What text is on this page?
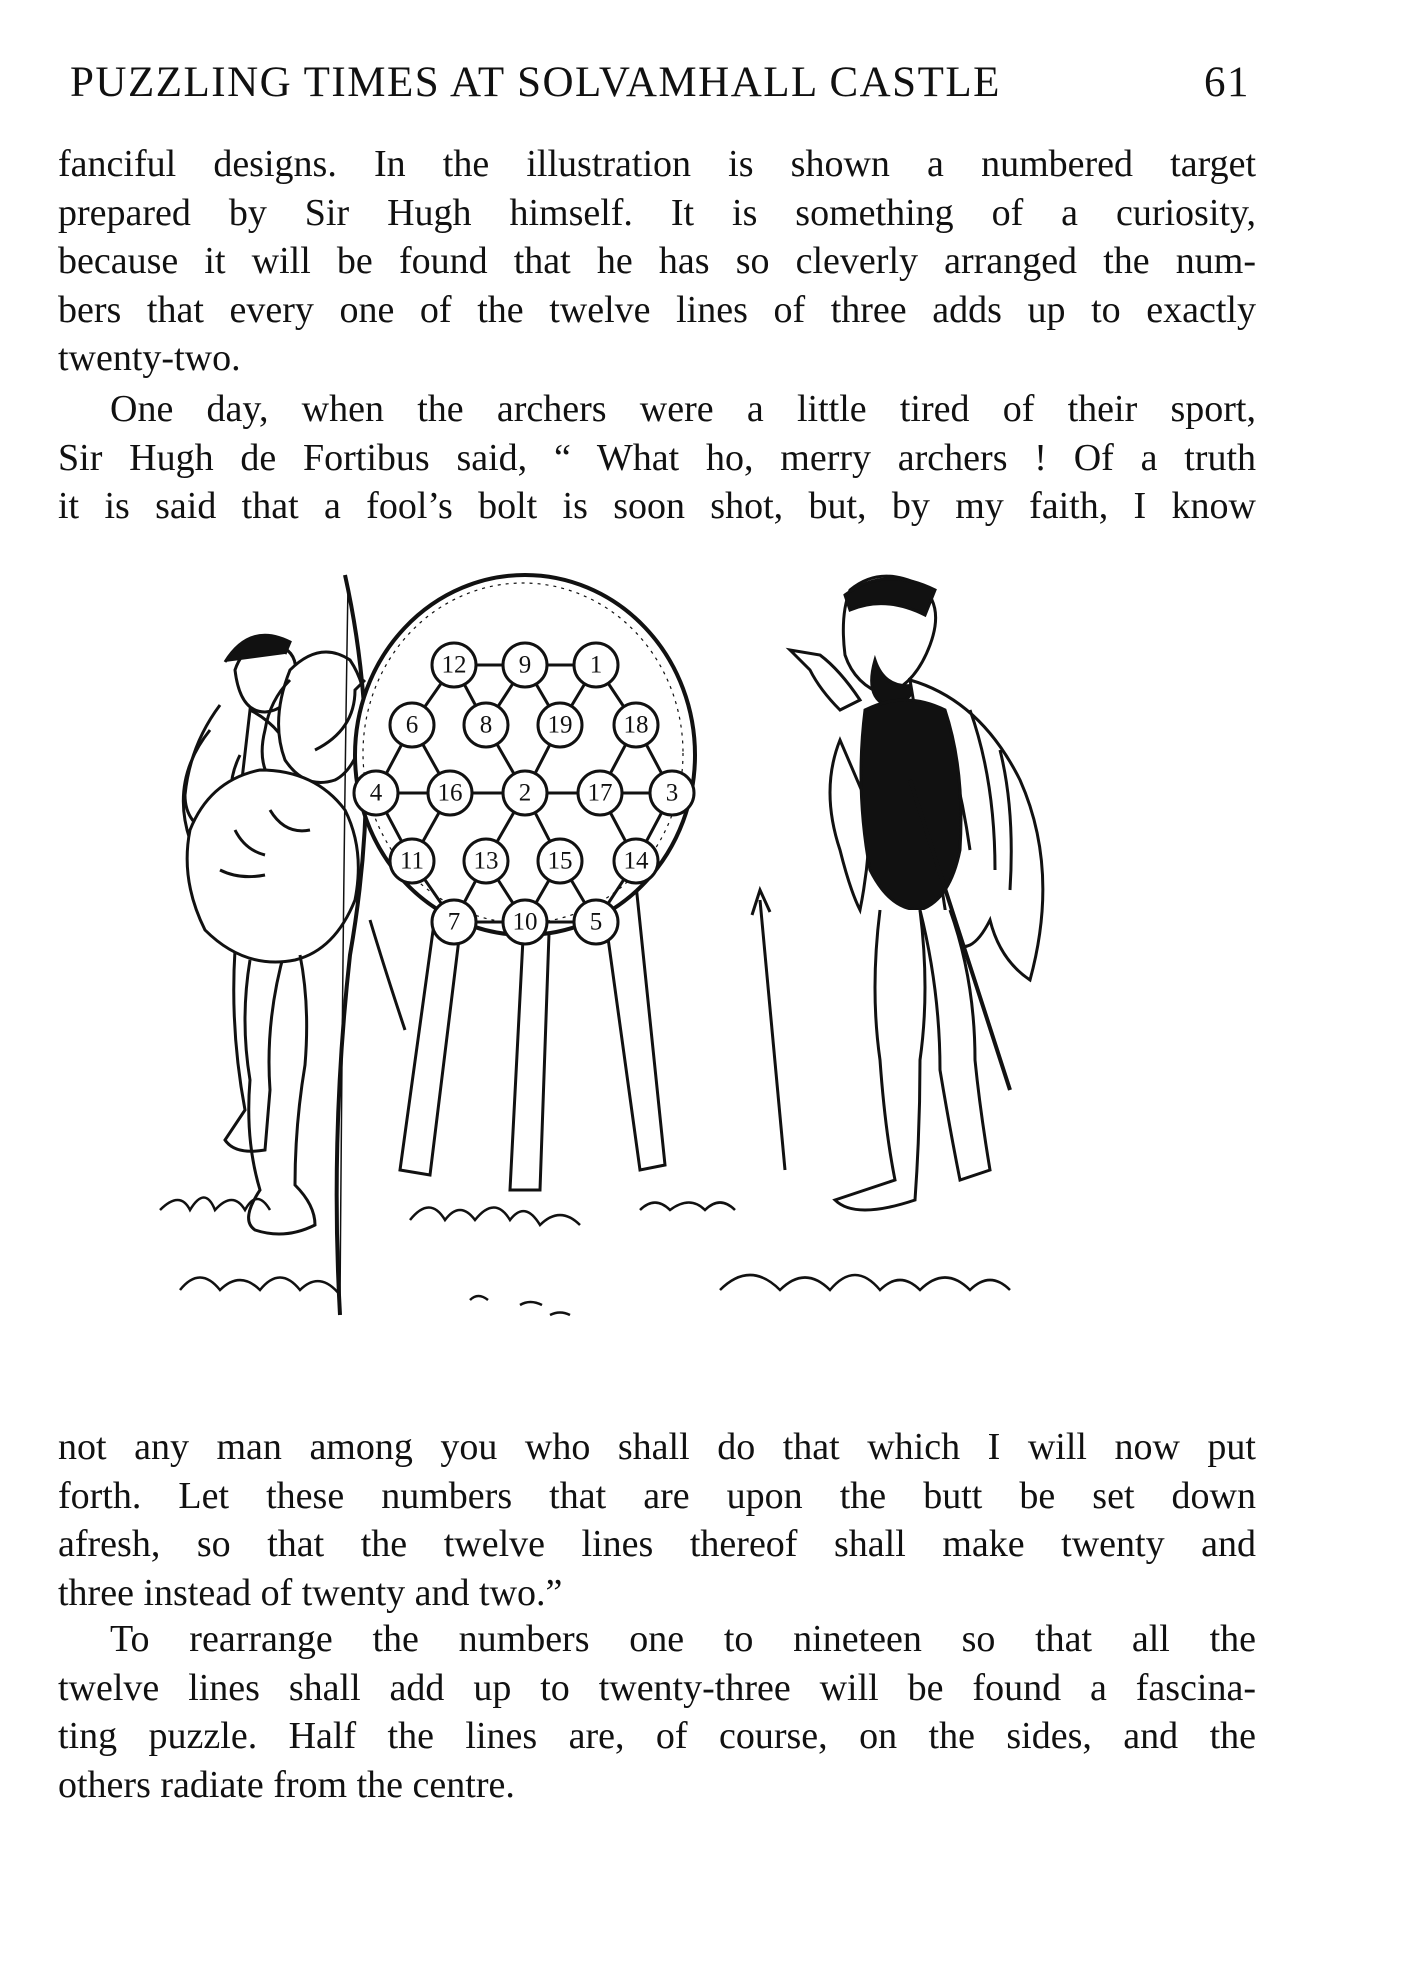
PUZZLING TIMES AT SOLVAMHALL CASTLE	61
fanciful designs. In the illustration is shown a numbered target
prepared by Sir Hugh himself. It is something of a curiosity,
because it will be found that he has so cleverly arranged the num-
bers that every one of the twelve lines of three adds up to exactly
twenty-two.
One day, when the archers were a little tired of their sport,
Sir Hugh de Fortibus said, “ What ho, merry archers ! Of a truth
it is said that a fool’s bolt is soon shot, but, by my faith, I know
12 9 1
6 8 19 18
4 16 2 17 3
11 13 15 14
7 10 5
not any man among you who shall do that which I will now put
forth. Let these numbers that are upon the butt be set down
afresh, so that the twelve lines thereof shall make twenty and
three instead of twenty and two.”
To rearrange the numbers one to nineteen so that all the
twelve lines shall add up to twenty-three will be found a fascina-
ting puzzle. Half the lines are, of course, on the sides, and the
others radiate from the centre.
